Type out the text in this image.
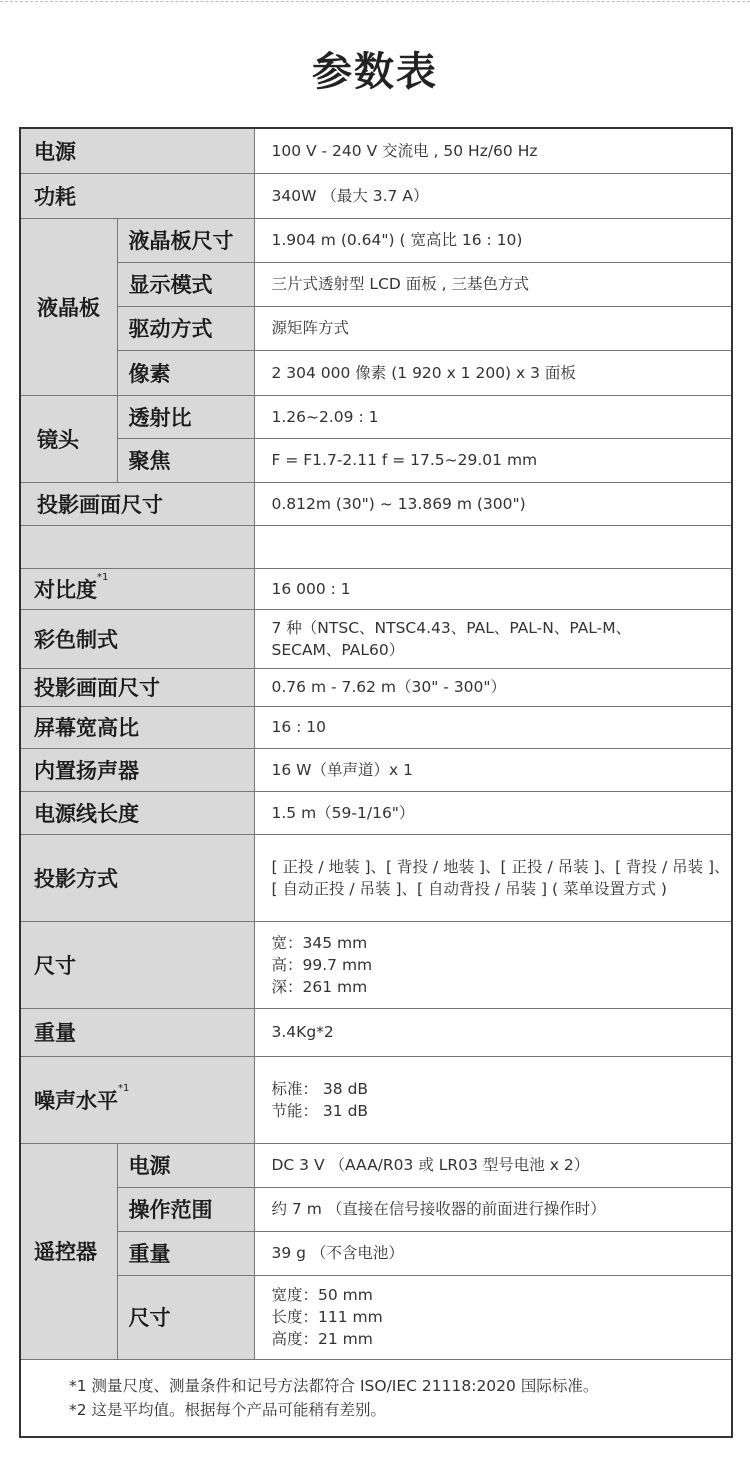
参数表
电源		100 V - 240 V 交流电 , 50 Hz/60 Hz
功耗		340W （最大 3.7 A）
液晶板	液晶板尺寸	1.904 m (0.64") ( 宽高比 16 : 10)
	显示模式	三片式透射型 LCD 面板 , 三基色方式
	驱动方式	源矩阵方式
	像素	2 304 000 像素 (1 920 x 1 200) x 3 面板
镜头	透射比	1.26~2.09 : 1
	聚焦	F = F1.7-2.11 f = 17.5~29.01 mm
投影画面尺寸		0.812m (30") ~ 13.869 m (300")

对比度$^{*1}$		16 000 : 1
彩色制式		7 种（NTSC、NTSC4.43、PAL、PAL-N、PAL-M、
SECAM、PAL60）
投影画面尺寸		0.76 m - 7.62 m（30" - 300"）
屏幕宽高比		16 : 10
内置扬声器		16 W（单声道）x 1
电源线长度		1.5 m（59-1/16"）
投影方式		[ 正投 / 地装 ]、[ 背投 / 地装 ]、[ 正投 / 吊装 ]、[ 背投 / 吊装 ]、
[ 自动正投 / 吊装 ]、[ 自动背投 / 吊装 ] ( 菜单设置方式 )
尺寸		宽：345 mm
高：99.7 mm
深：261 mm
重量		3.4Kg*2
噪声水平$^{*1}$		标准： 38 dB
节能： 31 dB
遥控器	电源	DC 3 V （AAA/R03 或 LR03 型号电池 x 2）
	操作范围	约 7 m （直接在信号接收器的前面进行操作时）
	重量	39 g （不含电池）
	尺寸	宽度：50 mm
长度：111 mm
高度：21 mm

*1 测量尺度、测量条件和记号方法都符合 ISO/IEC 21118:2020 国际标准。
*2 这是平均值。根据每个产品可能稍有差别。		
